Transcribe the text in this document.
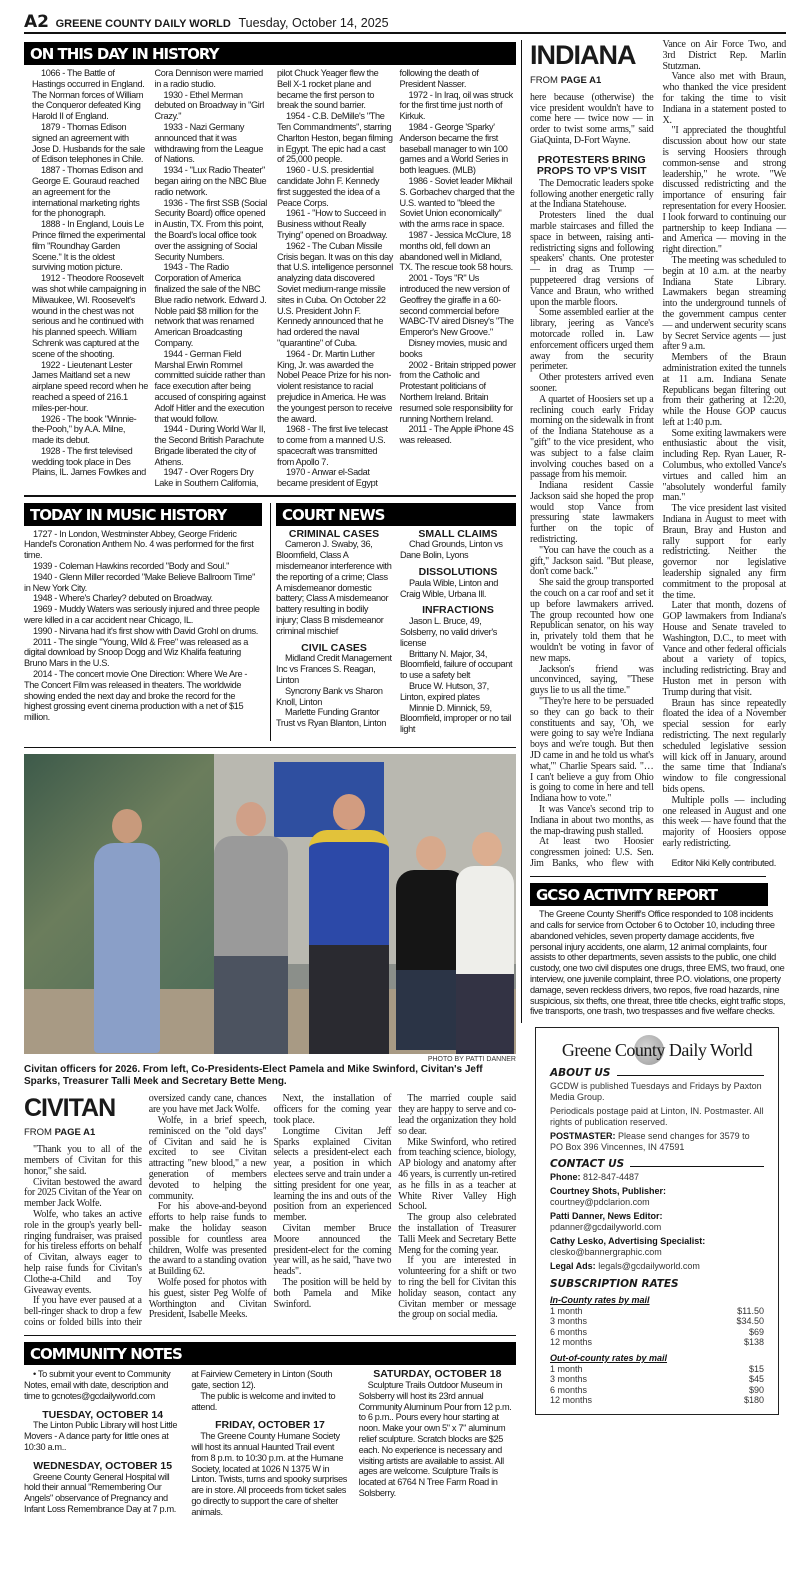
A2 GREENE COUNTY DAILY WORLD Tuesday, October 14, 2025
ON THIS DAY IN HISTORY

1066 - The Battle of Hastings occurred in England. The Norman forces of William the Conqueror defeated King Harold II of England.

1879 - Thomas Edison signed an agreement with Jose D. Husbands for the sale of Edison telephones in Chile.

1887 - Thomas Edison and George E. Gouraud reached an agreement for the international marketing rights for the phonograph.

1888 - In England, Louis Le Prince filmed the experimental film "Roundhay Garden Scene." It is the oldest surviving motion picture.

1912 - Theodore Roosevelt was shot while campaigning in Milwaukee, WI. Roosevelt's wound in the chest was not serious and he continued with his planned speech. William Schrenk was captured at the scene of the shooting.

1922 - Lieutenant Lester James Maitland set a new airplane speed record when he reached a speed of 216.1 miles-per-hour.

1926 - The book "Winnie-the-Pooh," by A.A. Milne, made its debut.

1928 - The first televised wedding took place in Des Plains, IL. James Fowlkes and Cora Dennison were married in a radio studio.

1930 - Ethel Merman debuted on Broadway in "Girl Crazy."

1933 - Nazi Germany announced that it was withdrawing from the League of Nations.

1934 - "Lux Radio Theater" began airing on the NBC Blue radio network.

1936 - The first SSB (Social Security Board) office opened in Austin, TX. From this point, the Board's local office took over the assigning of Social Security Numbers.

1943 - The Radio Corporation of America finalized the sale of the NBC Blue radio network. Edward J. Noble paid $8 million for the network that was renamed American Broadcasting Company.

1944 - German Field Marshal Erwin Rommel committed suicide rather than face execution after being accused of conspiring against Adolf Hitler and the execution that would follow.

1944 - During World War II, the Second British Parachute Brigade liberated the city of Athens.

1947 - Over Rogers Dry Lake in Southern California, pilot Chuck Yeager flew the Bell X-1 rocket plane and became the first person to break the sound barrier.

1954 - C.B. DeMille's "The Ten Commandments", starring Charlton Heston, began filming in Egypt. The epic had a cast of 25,000 people.

1960 - U.S. presidential candidate John F. Kennedy first suggested the idea of a Peace Corps.

1961 - "How to Succeed in Business without Really Trying" opened on Broadway.

1962 - The Cuban Missile Crisis began. It was on this day that U.S. intelligence personnel analyzing data discovered Soviet medium-range missile sites in Cuba. On October 22 U.S. President John F. Kennedy announced that he had ordered the naval "quarantine" of Cuba.

1964 - Dr. Martin Luther King, Jr. was awarded the Nobel Peace Prize for his non-violent resistance to racial prejudice in America. He was the youngest person to receive the award.

1968 - The first live telecast to come from a manned U.S. spacecraft was transmitted from Apollo 7.

1970 - Anwar el-Sadat became president of Egypt following the death of President Nasser.

1972 - In Iraq, oil was struck for the first time just north of Kirkuk.

1984 - George 'Sparky' Anderson became the first baseball manager to win 100 games and a World Series in both leagues. (MLB)

1986 - Soviet leader Mikhail S. Gorbachev charged that the U.S. wanted to "bleed the Soviet Union economically" with the arms race in space.

1987 - Jessica McClure, 18 months old, fell down an abandoned well in Midland, TX. The rescue took 58 hours.

2001 - Toys "R" Us introduced the new version of Geoffrey the giraffe in a 60-second commercial before WABC-TV aired Disney's "The Emperor's New Groove."

Disney movies, music and books

2002 - Britain stripped power from the Catholic and Protestant politicians of Northern Ireland. Britain resumed sole responsibility for running Northern Ireland.

2011 - The Apple iPhone 4S was released.

TODAY IN MUSIC HISTORY

1727 - In London, Westminster Abbey, George Frideric Handel's Coronation Anthem No. 4 was performed for the first time.

1939 - Coleman Hawkins recorded "Body and Soul."

1940 - Glenn Miller recorded "Make Believe Ballroom Time" in New York City.

1948 - Where's Charley? debuted on Broadway.

1969 - Muddy Waters was seriously injured and three people were killed in a car accident near Chicago, IL.

1990 - Nirvana had it's first show with David Grohl on drums.

2011 - The single "Young, Wild & Free" was released as a digital download by Snoop Dogg and Wiz Khalifa featuring Bruno Mars in the U.S.

2014 - The concert movie One Direction: Where We Are - The Concert Film was released in theaters. The worldwide showing ended the next day and broke the record for the highest grossing event cinema production with a net of $15 million.

COURT NEWS
CRIMINAL CASES

Cameron J. Swaby, 36, Bloomfield, Class A misdemeanor interference with the reporting of a crime; Class A misdemeanor domestic battery; Class A misdemeanor battery resulting in bodily injury; Class B misdemeanor criminal mischief

CIVIL CASES

Midland Credit Management Inc vs Frances S. Reagan, Linton

Syncrony Bank vs Sharon Knoll, Linton

Marlette Funding Grantor Trust vs Ryan Blanton, Linton

SMALL CLAIMS

Chad Grounds, Linton vs Dane Bolin, Lyons

DISSOLUTIONS

Paula Wible, Linton and Craig Wible, Urbana Ill.

INFRACTIONS

Jason L. Bruce, 49, Solsberry, no valid driver's license

Brittany N. Major, 34, Bloomfield, failure of occupant to use a safety belt

Bruce W. Hutson, 37, Linton, expired plates

Minnie D. Minnick, 59, Bloomfield, improper or no tail light

PHOTO BY PATTI DANNER
Civitan officers for 2026. From left, Co-Presidents-Elect Pamela and Mike Swinford, Civitan's Jeff Sparks, Treasurer Talli Meek and Secretary Bette Meng.
CIVITAN
FROM PAGE A1

"Thank you to all of the members of Civitan for this honor," she said.

Civitan bestowed the award for 2025 Civitan of the Year on member Jack Wolfe.

Wolfe, who takes an active role in the group's yearly bell-ringing fundraiser, was praised for his tireless efforts on behalf of Civitan, always eager to help raise funds for Civitan's Clothe-a-Child and Toy Giveaway events.

If you have ever paused at a bell-ringer shack to drop a few coins or folded bills into their oversized candy cane, chances are you have met Jack Wolfe.

Wolfe, in a brief speech, reminisced on the "old days" of Civitan and said he is excited to see Civitan attracting "new blood," a new generation of members devoted to helping the community.

For his above-and-beyond efforts to help raise funds to make the holiday season possible for countless area children, Wolfe was presented the award to a standing ovation at Building 62.

Wolfe posed for photos with his guest, sister Peg Wolfe of Worthington and Civitan President, Isabelle Meeks.

Next, the installation of officers for the coming year took place.

Longtime Civitan Jeff Sparks explained Civitan selects a president-elect each year, a position in which electees serve and train under a sitting president for one year, learning the ins and outs of the position from an experienced member.

Civitan member Bruce Moore announced the president-elect for the coming year will, as he said, "have two heads".

The position will be held by both Pamela and Mike Swinford.

The married couple said they are happy to serve and co-lead the organization they hold so dear.

Mike Swinford, who retired from teaching science, biology, AP biology and anatomy after 46 years, is currently un-retired as he fills in as a teacher at White River Valley High School.

The group also celebrated the installation of Treasurer Talli Meek and Secretary Bette Meng for the coming year.

If you are interested in volunteering for a shift or two to ring the bell for Civitan this holiday season, contact any Civitan member or message the group on social media.

COMMUNITY NOTES

• To submit your event to Community Notes, email with date, description and time to gcnotes@gcdailyworld.com

TUESDAY, OCTOBER 14

The Linton Public Library will host Little Movers - A dance party for little ones at 10:30 a.m..

WEDNESDAY, OCTOBER 15

Greene County General Hospital will hold their annual "Remembering Our Angels" observance of Pregnancy and Infant Loss Remembrance Day at 7 p.m. at Fairview Cemetery in Linton (South gate, section 12).

The public is welcome and invited to attend.

FRIDAY, OCTOBER 17

The Greene County Humane Society will host its annual Haunted Trail event from 8 p.m. to 10:30 p.m. at the Humane Society, located at 1026 N 1375 W in Linton. Twists, turns and spooky surprises are in store. All proceeds from ticket sales go directly to support the care of shelter animals.

SATURDAY, OCTOBER 18

Sculpture Trails Outdoor Museum in Solsberry will host its 23rd annual Community Aluminum Pour from 12 p.m. to 6 p.m.. Pours every hour starting at noon. Make your own 5" x 7" aluminum relief sculpture. Scratch blocks are $25 each. No experience is necessary and visiting artists are available to assist. All ages are welcome. Sculpture Trails is located at 6764 N Tree Farm Road in Solsberry.

INDIANA
FROM PAGE A1

here because (otherwise) the vice president wouldn't have to come here — twice now — in order to twist some arms," said GiaQuinta, D-Fort Wayne.

PROTESTERS BRING PROPS TO VP'S VISIT

The Democratic leaders spoke following another energetic rally at the Indiana Statehouse.

Protesters lined the dual marble staircases and filled the space in between, raising anti-redistricting signs and following speakers' chants. One protester — in drag as Trump — puppeteered drag versions of Vance and Braun, who writhed upon the marble floors.

Some assembled earlier at the library, jeering as Vance's motorcade rolled in. Law enforcement officers urged them away from the security perimeter.

Other protesters arrived even sooner.

A quartet of Hoosiers set up a reclining couch early Friday morning on the sidewalk in front of the Indiana Statehouse as a "gift" to the vice president, who was subject to a false claim involving couches based on a passage from his memoir.

Indiana resident Cassie Jackson said she hoped the prop would stop Vance from pressuring state lawmakers further on the topic of redistricting.

"You can have the couch as a gift," Jackson said. "But please, don't come back."

She said the group transported the couch on a car roof and set it up before lawmakers arrived. The group recounted how one Republican senator, on his way in, privately told them that he wouldn't be voting in favor of new maps.

Jackson's friend was unconvinced, saying, "These guys lie to us all the time."

"They're here to be persuaded so they can go back to their constituents and say, 'Oh, we were going to say we're Indiana boys and we're tough. But then JD came in and he told us what's what,'" Charlie Spears said. "… I can't believe a guy from Ohio is going to come in here and tell Indiana how to vote."

It was Vance's second trip to Indiana in about two months, as the map-drawing push stalled.

At least two Hoosier congressmen joined: U.S. Sen. Jim Banks, who flew with Vance on Air Force Two, and 3rd District Rep. Marlin Stutzman.

Vance also met with Braun, who thanked the vice president for taking the time to visit Indiana in a statement posted to X.

"I appreciated the thoughtful discussion about how our state is serving Hoosiers through common-sense and strong leadership," he wrote. "We discussed redistricting and the importance of ensuring fair representation for every Hoosier. I look forward to continuing our partnership to keep Indiana — and America — moving in the right direction."

The meeting was scheduled to begin at 10 a.m. at the nearby Indiana State Library. Lawmakers began streaming into the underground tunnels of the government campus center — and underwent security scans by Secret Service agents — just after 9 a.m.

Members of the Braun administration exited the tunnels at 11 a.m. Indiana Senate Republicans began filtering out from their gathering at 12:20, while the House GOP caucus left at 1:40 p.m.

Some exiting lawmakers were enthusiastic about the visit, including Rep. Ryan Lauer, R-Columbus, who extolled Vance's virtues and called him an "absolutely wonderful family man."

The vice president last visited Indiana in August to meet with Braun, Bray and Huston and rally support for early redistricting. Neither the governor nor legislative leadership signaled any firm commitment to the proposal at the time.

Later that month, dozens of GOP lawmakers from Indiana's House and Senate traveled to Washington, D.C., to meet with Vance and other federal officials about a variety of topics, including redistricting. Bray and Huston met in person with Trump during that visit.

Braun has since repeatedly floated the idea of a November special session for early redistricting. The next regularly scheduled legislative session will kick off in January, around the same time that Indiana's window to file congressional bids opens.

Multiple polls — including one released in August and one this week — have found that the majority of Hoosiers oppose early redistricting.

Editor Niki Kelly contributed.

GCSO ACTIVITY REPORT

The Greene County Sheriff's Office responded to 108 incidents and calls for service from October 6 to October 10, including three abandoned vehicles, seven property damage accidents, five personal injury accidents, one alarm, 12 animal complaints, four assists to other departments, seven assists to the public, one child custody, one two civil disputes one drugs, three EMS, two fraud, one interview, one juvenile complaint, three P.O. violations, one property damage, seven reckless drivers, two repos, five road hazards, nine suspicious, six thefts, one threat, three title checks, eight traffic stops, five transports, one trash, two trespasses and five welfare checks.

Greene County Daily World
ABOUT US

GCDW is published Tuesdays and Fridays by Paxton Media Group.

Periodicals postage paid at Linton, IN. Postmaster. All rights of publication reserved.

POSTMASTER: Please send changes for 3579 to PO Box 396 Vincennes, IN 47591

CONTACT US

Phone: 812-847-4487

Courtney Shots, Publisher:
courtney@pdclarion.com

Patti Danner, News Editor:
pdanner@gcdailyworld.com

Cathy Lesko, Advertising Specialist:
clesko@bannergraphic.com

Legal Ads: legals@gcdailyworld.com

SUBSCRIPTION RATES
In-County rates by mail
1 month	$11.50
3 months	$34.50
6 months	$69
12 months	$138
Out-of-county rates by mail
1 month	$15
3 months	$45
6 months	$90
12 months	$180
